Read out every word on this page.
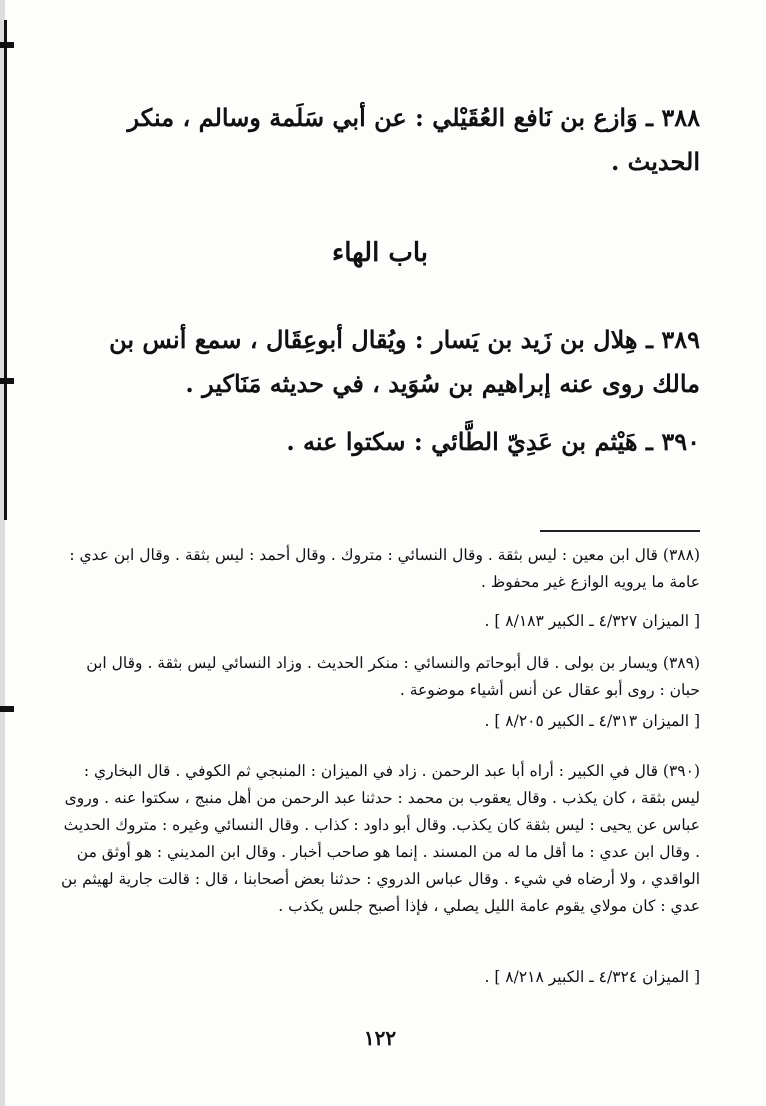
٣٨٨ ـ وَازع بن نَافع العُقَيْلي : عن أبي سَلَمة وسالم ، منكر الحديث .
باب الهاء
٣٨٩ ـ هِلال بن زَيد بن يَسار : ويُقال أبوعِقَال ، سمع أنس بن مالك روى عنه إبراهيم بن سُوَيد ، في حديثه مَنَاكير .
٣٩٠ ـ هَيْثم بن عَدِيّ الطَّائي : سكتوا عنه .

(٣٨٨) قال ابن معين : ليس بثقة . وقال النسائي : متروك . وقال أحمد : ليس بثقة . وقال ابن عدي : عامة ما يرويه الوازع غير محفوظ .

[ الميزان ٤/٣٢٧ ـ الكبير ٨/١٨٣ ] .

(٣٨٩) ويسار بن بولى . قال أبوحاتم والنسائي : منكر الحديث . وزاد النسائي ليس بثقة . وقال ابن حبان : روى أبو عقال عن أنس أشياء موضوعة .

[ الميزان ٤/٣١٣ ـ الكبير ٨/٢٠٥ ] .

(٣٩٠) قال في الكبير : أراه أبا عبد الرحمن . زاد في الميزان : المنبجي ثم الكوفي . قال البخاري : ليس بثقة ، كان يكذب . وقال يعقوب بن محمد : حدثنا عبد الرحمن من أهل منبج ، سكتوا عنه . وروى عباس عن يحيى : ليس بثقة كان يكذب. وقال أبو داود : كذاب . وقال النسائي وغيره : متروك الحديث . وقال ابن عدي : ما أقل ما له من المسند . إنما هو صاحب أخبار . وقال ابن المديني : هو أوثق من الواقدي ، ولا أرضاه في شيء . وقال عباس الدروي : حدثنا بعض أصحابنا ، قال : قالت جارية لهيثم بن عدي : كان مولاي يقوم عامة الليل يصلي ، فإذا أصبح جلس يكذب .

[ الميزان ٤/٣٢٤ ـ الكبير ٨/٢١٨ ] .
١٢٢
